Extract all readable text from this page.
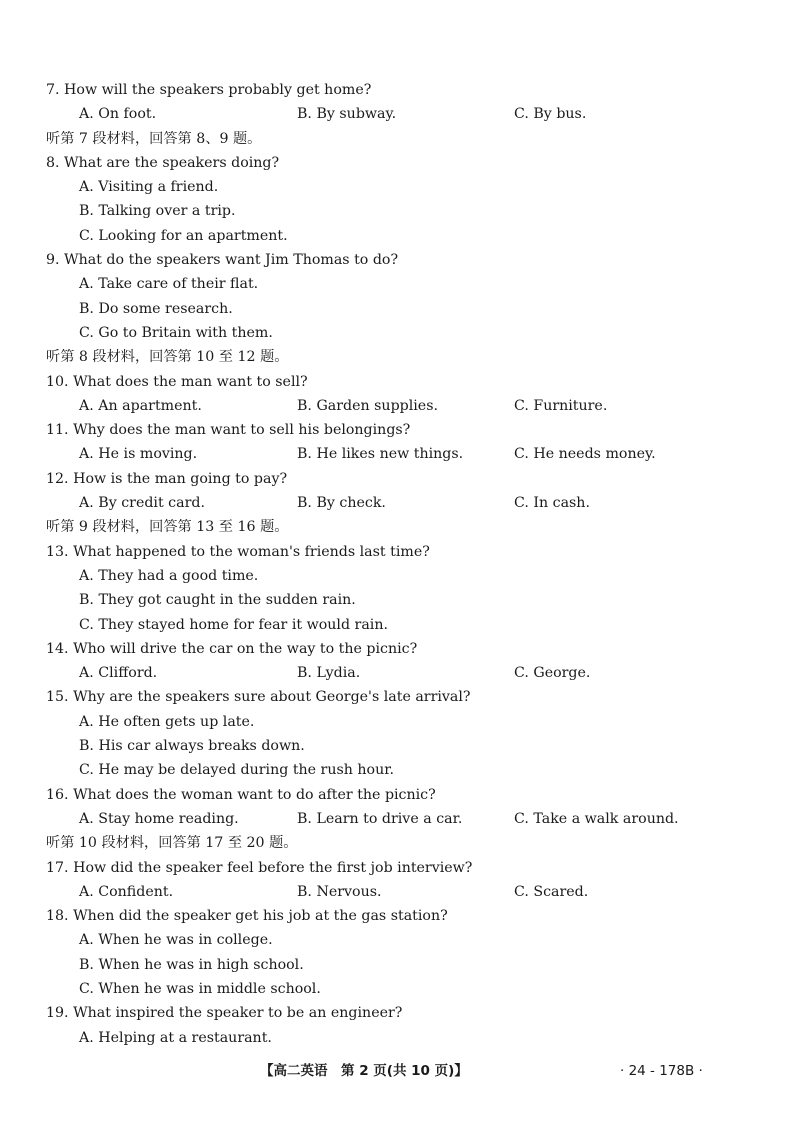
7. How will the speakers probably get home?
A. On foot.	B. By subway.	C. By bus.
听第 7 段材料，回答第 8、9 题。
8. What are the speakers doing?
A. Visiting a friend.
B. Talking over a trip.
C. Looking for an apartment.
9. What do the speakers want Jim Thomas to do?
A. Take care of their flat.
B. Do some research.
C. Go to Britain with them.
听第 8 段材料，回答第 10 至 12 题。
10. What does the man want to sell?
A. An apartment.	B. Garden supplies.	C. Furniture.
11. Why does the man want to sell his belongings?
A. He is moving.	B. He likes new things.	C. He needs money.
12. How is the man going to pay?
A. By credit card.	B. By check.	C. In cash.
听第 9 段材料，回答第 13 至 16 题。
13. What happened to the woman's friends last time?
A. They had a good time.
B. They got caught in the sudden rain.
C. They stayed home for fear it would rain.
14. Who will drive the car on the way to the picnic?
A. Clifford.	B. Lydia.	C. George.
15. Why are the speakers sure about George's late arrival?
A. He often gets up late.
B. His car always breaks down.
C. He may be delayed during the rush hour.
16. What does the woman want to do after the picnic?
A. Stay home reading.	B. Learn to drive a car.	C. Take a walk around.
听第 10 段材料，回答第 17 至 20 题。
17. How did the speaker feel before the first job interview?
A. Confident.	B. Nervous.	C. Scared.
18. When did the speaker get his job at the gas station?
A. When he was in college.
B. When he was in high school.
C. When he was in middle school.
19. What inspired the speaker to be an engineer?
A. Helping at a restaurant.
【高二英语　第 2 页(共 10 页)】	· 24 - 178B ·
